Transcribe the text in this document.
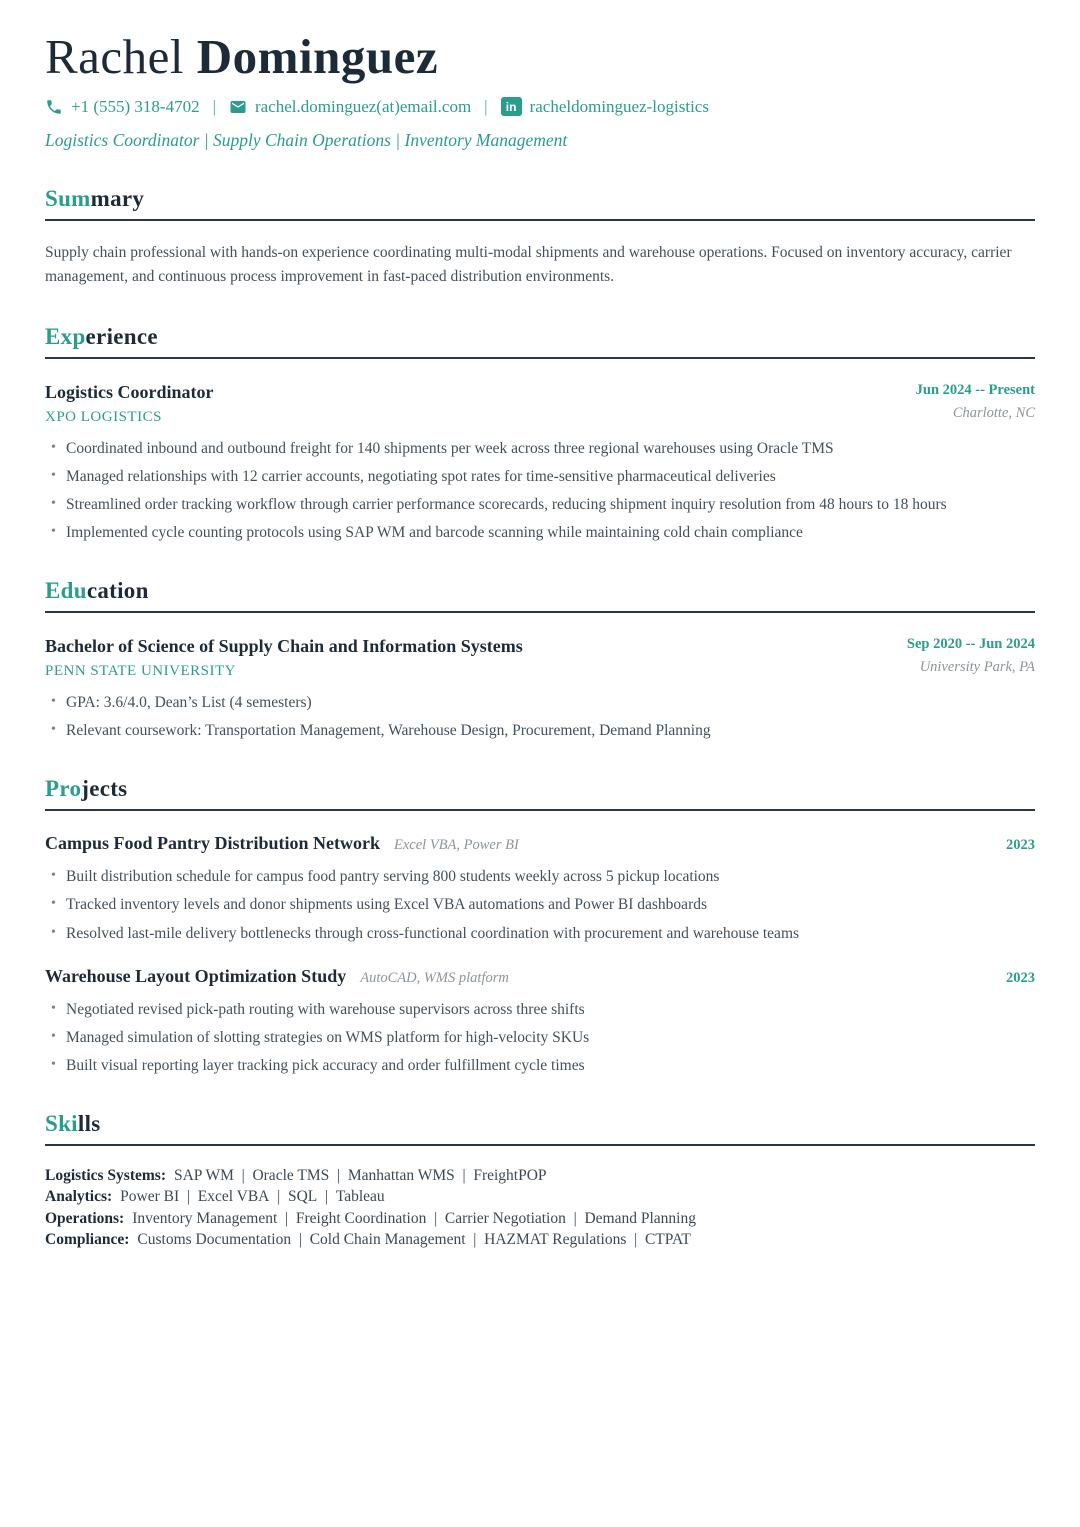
Rachel Dominguez
+1 (555) 318-4702 | rachel.dominguez(at)email.com |	in racheldominguez-logistics
Logistics Coordinator | Supply Chain Operations | Inventory Management
Summary

Supply chain professional with hands-on experience coordinating multi-modal shipments and warehouse operations. Focused on inventory accuracy, carrier management, and continuous process improvement in fast-paced distribution environments.

Experience
Logistics Coordinator
XPO LOGISTICS
Jun 2024 -- Present
Charlotte, NC
• Coordinated inbound and outbound freight for 140 shipments per week across three regional warehouses using Oracle TMS
• Managed relationships with 12 carrier accounts, negotiating spot rates for time-sensitive pharmaceutical deliveries
• Streamlined order tracking workflow through carrier performance scorecards, reducing shipment inquiry resolution from 48 hours to 18 hours
• Implemented cycle counting protocols using SAP WM and barcode scanning while maintaining cold chain compliance
Education
Bachelor of Science of Supply Chain and Information Systems
PENN STATE UNIVERSITY
Sep 2020 -- Jun 2024
University Park, PA
• GPA: 3.6/4.0, Dean’s List (4 semesters)
• Relevant coursework: Transportation Management, Warehouse Design, Procurement, Demand Planning
Projects
Campus Food Pantry Distribution Network Excel VBA, Power BI	2023
• Built distribution schedule for campus food pantry serving 800 students weekly across 5 pickup locations
• Tracked inventory levels and donor shipments using Excel VBA automations and Power BI dashboards
• Resolved last-mile delivery bottlenecks through cross-functional coordination with procurement and warehouse teams
Warehouse Layout Optimization Study AutoCAD, WMS platform	2023
• Negotiated revised pick-path routing with warehouse supervisors across three shifts
• Managed simulation of slotting strategies on WMS platform for high-velocity SKUs
• Built visual reporting layer tracking pick accuracy and order fulfillment cycle times
Skills
Logistics Systems: SAP WM  |  Oracle TMS  |  Manhattan WMS  |  FreightPOP
Analytics: Power BI  |  Excel VBA  |  SQL  |  Tableau
Operations: Inventory Management  |  Freight Coordination  |  Carrier Negotiation  |  Demand Planning
Compliance: Customs Documentation  |  Cold Chain Management  |  HAZMAT Regulations  |  CTPAT
